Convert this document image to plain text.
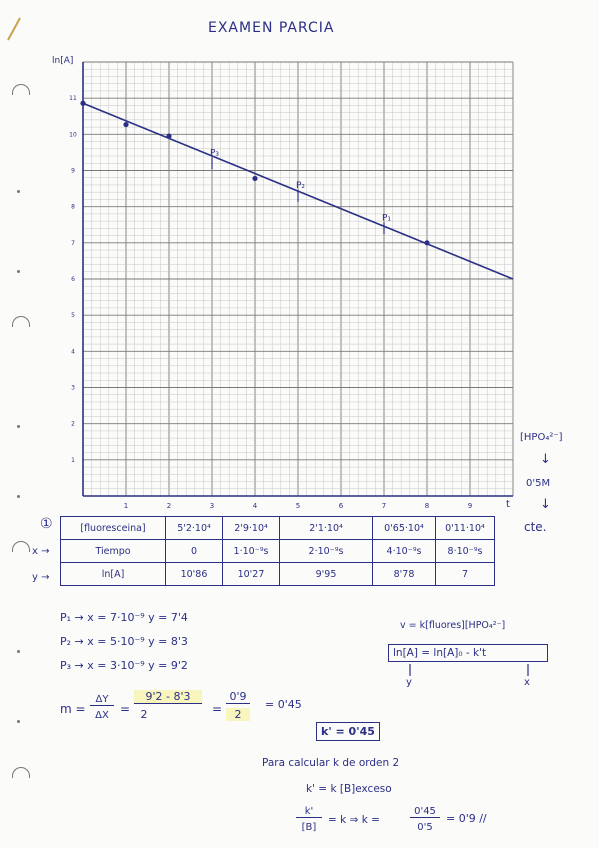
EXAMEN PARCIA
1	2	3	4	5	6	7	8	9
11
10
9
8
7
6
5
4
3
2
1
P₃
P₂
P₁
ln[A]
t
[HPO₄²⁻]
↓
0'5M
↓
cte.
①
x →
y →
[fluoresceina]	5'2·10⁴	2'9·10⁴	2'1·10⁴	0'65·10⁴	0'11·10⁴
Tiempo	0	1·10⁻⁹s	2·10⁻⁹s	4·10⁻⁹s	8·10⁻⁹s
ln[A]	10'86	10'27	9'95	8'78	7
P₁ → x = 7·10⁻⁹ y = 7'4
P₂ → x = 5·10⁻⁹ y = 8'3
P₃ → x = 3·10⁻⁹ y = 9'2
m =
ΔY
ΔX =
9'2 - 8'3
2	=
0'9
2
= 0'45
v = k[fluores][HPO₄²⁻]
ln[A] = ln[A]₀ - k't
y	x
k' = 0'45
Para calcular k de orden 2
k' = k [B]exceso
k'
[B]
= k ⇒ k =
0'45
0'5
= 0'9 //
